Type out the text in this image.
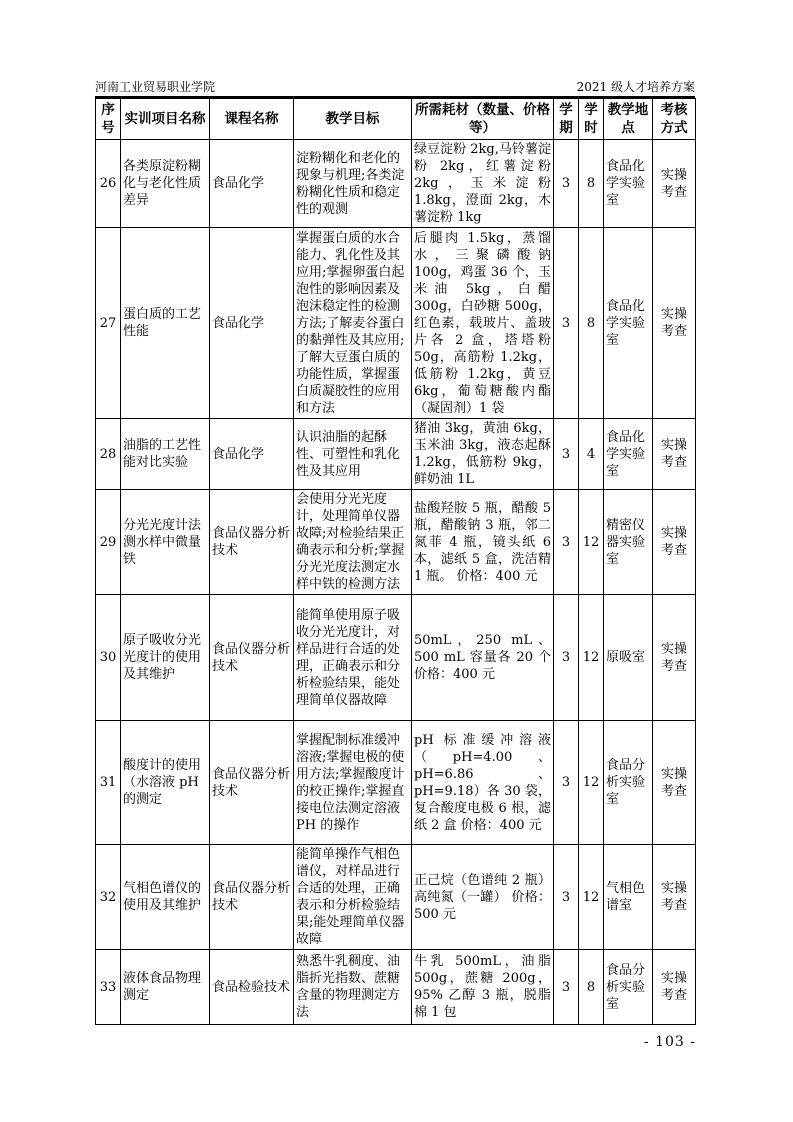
河南工业贸易职业学院	2021 级人才培养方案
序号	实训项目名称	课程名称	教学目标	所需耗材（数量、价格等）	学期	学时	教学地点	考核方式
26	各类原淀粉糊化与老化性质差异	食品化学	淀粉糊化和老化的现象与机理;各类淀粉糊化性质和稳定性的观测	绿豆淀粉 2kg,马铃薯淀粉 2kg，红薯淀粉 2kg，玉米淀粉 1.8kg，澄面 2kg，木薯淀粉 1kg	3	8	食品化学实验室	实操考查
27	蛋白质的工艺性能	食品化学	掌握蛋白质的水合能力、乳化性及其应用;掌握卵蛋白起泡性的影响因素及泡沫稳定性的检测方法;了解麦谷蛋白的黏弹性及其应用;了解大豆蛋白质的功能性质，掌握蛋白质凝胶性的应用和方法	后腿肉 1.5kg，蒸馏水，三聚磷酸钠 100g，鸡蛋 36 个，玉米油 5kg，白醋 300g，白砂糖 500g，红色素，载玻片、盖玻片各 2 盒，塔塔粉 50g，高筋粉 1.2kg，低筋粉 1.2kg，黄豆 6kg，葡萄糖酸内酯（凝固剂）1 袋	3	8	食品化学实验室	实操考查
28	油脂的工艺性能对比实验	食品化学	认识油脂的起酥性、可塑性和乳化性及其应用	猪油 3kg，黄油 6kg，玉米油 3kg，液态起酥 1.2kg，低筋粉 9kg，鲜奶油 1L	3	4	食品化学实验室	实操考查
29	分光光度计法测水样中微量铁	食品仪器分析技术	会使用分光光度计，处理简单仪器故障;对检验结果正确表示和分析;掌握分光光度法测定水样中铁的检测方法	盐酸羟胺 5 瓶，醋酸 5 瓶，醋酸钠 3 瓶，邻二氮菲 4 瓶，镜头纸 6 本，滤纸 5 盒，洗洁精 1 瓶。 价格：400 元	3	12	精密仪器实验室	实操考查
30	原子吸收分光光度计的使用及其维护	食品仪器分析技术	能简单使用原子吸收分光光度计，对样品进行合适的处理，正确表示和分析检验结果，能处理简单仪器故障	50mL，250 mL、500 mL 容量各 20 个 价格：400 元	3	12	原吸室	实操考查
31	酸度计的使用（水溶液 pH 的测定	食品仪器分析技术	掌握配制标准缓冲溶液;掌握电极的使用方法;掌握酸度计的校正操作;掌握直接电位法测定溶液 PH 的操作	pH 标准缓冲溶液（pH=4.00、pH=6.86、pH=9.18）各 30 袋，复合酸度电极 6 根，滤纸 2 盒 价格：400 元	3	12	食品分析实验室	实操考查
32	气相色谱仪的使用及其维护	食品仪器分析技术	能简单操作气相色谱仪，对样品进行合适的处理，正确表示和分析检验结果;能处理简单仪器故障	正己烷（色谱纯 2 瓶）高纯氮（一罐） 价格：500 元	3	12	气相色谱室	实操考查
33	液体食品物理测定	食品检验技术	熟悉牛乳稠度、油脂折光指数、蔗糖含量的物理测定方法	牛乳 500mL，油脂 500g，蔗糖 200g，95% 乙醇 3 瓶，脱脂棉 1 包	3	8	食品分析实验室	实操考查
- 103 -
